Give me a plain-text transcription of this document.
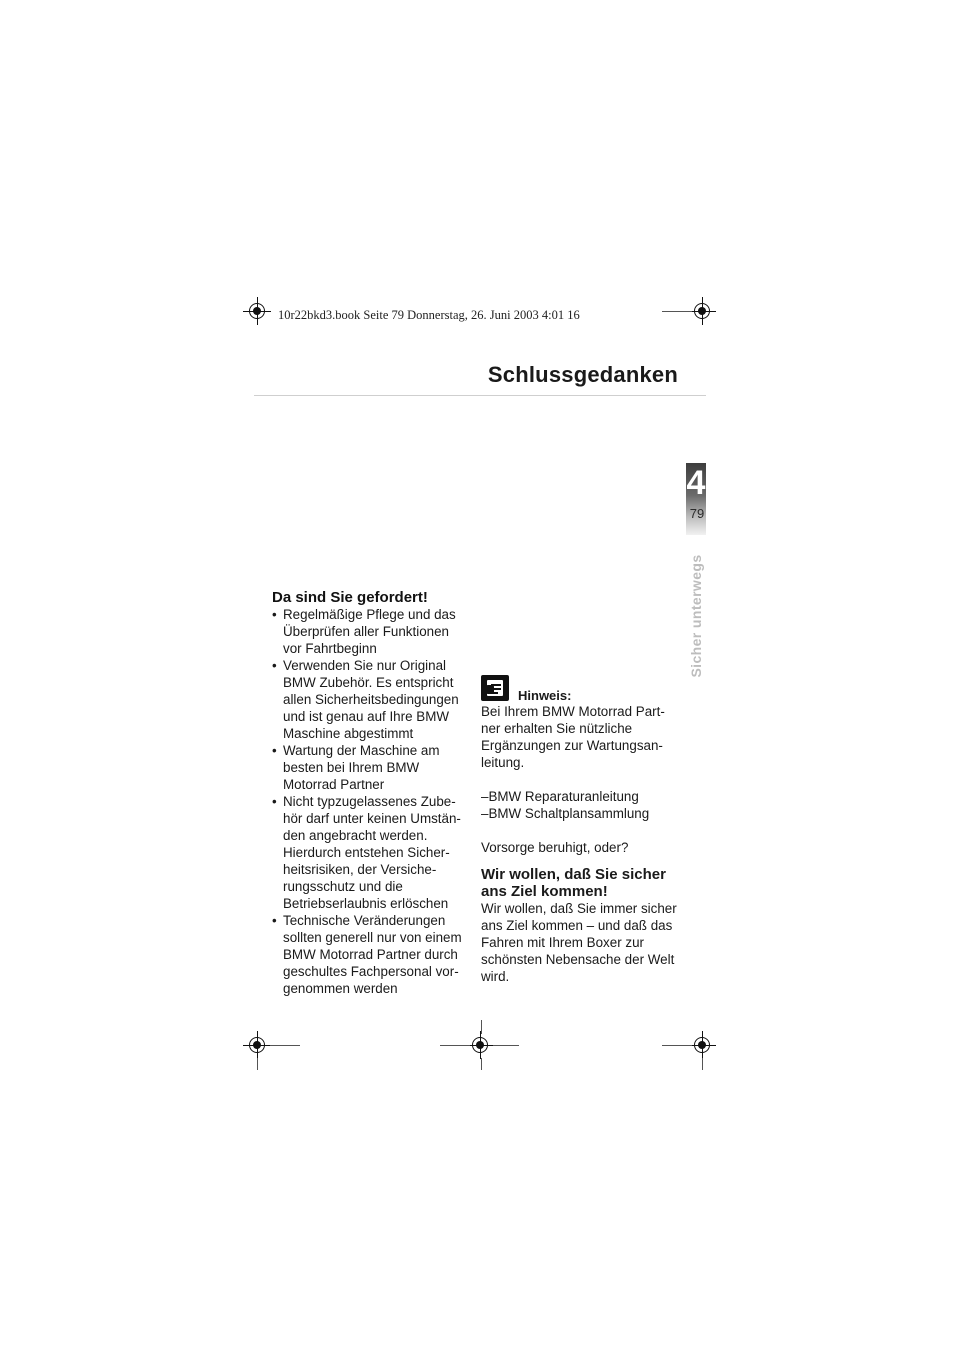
10r22bkd3.book Seite 79 Donnerstag, 26. Juni 2003 4:01 16
Schlussgedanken
4
79
Sicher unterwegs
Da sind Sie gefordert!
• Regelmäßige Pflege und das Überprüfen aller Funktionen vor Fahrtbeginn
• Verwenden Sie nur Original BMW Zubehör. Es entspricht allen Sicherheitsbedingungen und ist genau auf Ihre BMW Maschine abgestimmt
• Wartung der Maschine am besten bei Ihrem BMW Motorrad Partner
• Nicht typzugelassenes Zube-hör darf unter keinen Umstän-den angebracht werden. Hierdurch entstehen Sicher-heitsrisiken, der Versiche-rungsschutz und die Betriebserlaubnis erlöschen
• Technische Veränderungen sollten generell nur von einem BMW Motorrad Partner durch geschultes Fachpersonal vor-genommen werden
Hinweis:

Bei Ihrem BMW Motorrad Part-ner erhalten Sie nützliche Ergänzungen zur Wartungsan-leitung.

– BMW Reparaturanleitung
– BMW Schaltplansammlung

Vorsorge beruhigt, oder?

Wir wollen, daß Sie sicher ans Ziel kommen!

Wir wollen, daß Sie immer sicher ans Ziel kommen – und daß das Fahren mit Ihrem Boxer zur schönsten Nebensache der Welt wird.
